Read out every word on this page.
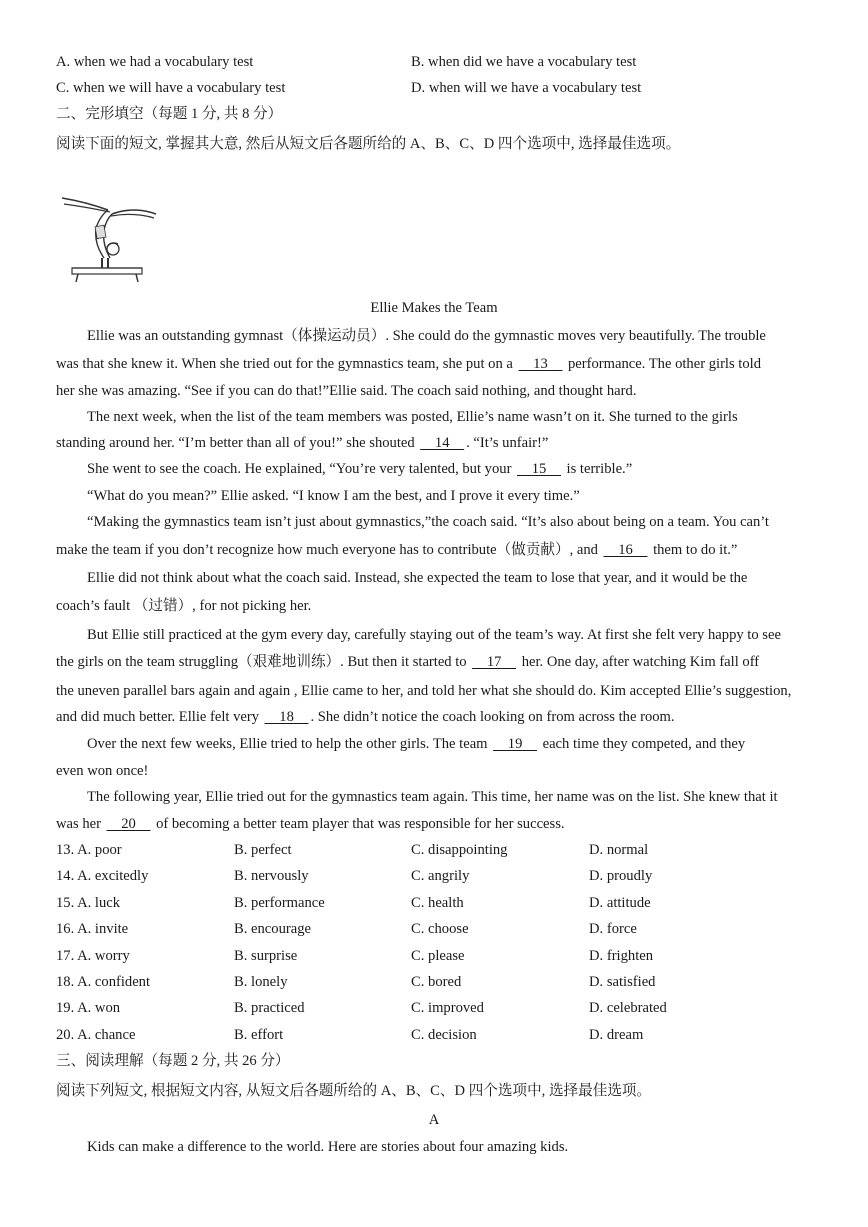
A. when we had a vocabulary test	B. when did we have a vocabulary test
C. when we will have a vocabulary test	D. when will we have a vocabulary test
二、完形填空（每题 1 分, 共 8 分）
阅读下面的短文, 掌握其大意, 然后从短文后各题所给的 A、B、C、D 四个选项中, 选择最佳选项。
Ellie Makes the Team
Ellie was an outstanding gymnast（体操运动员）. She could do the gymnastic moves very beautifully. The trouble
was that she knew it. When she tried out for the gymnastics team, she put on a 13 performance. The other girls told
her she was amazing. “See if you can do that!”Ellie said. The coach said nothing, and thought hard.
The next week, when the list of the team members was posted, Ellie’s name wasn’t on it. She turned to the girls
standing around her. “I’m better than all of you!” she shouted 14 . “It’s unfair!”
She went to see the coach. He explained, “You’re very talented, but your 15 is terrible.”
“What do you mean?” Ellie asked. “I know I am the best, and I prove it every time.”
“Making the gymnastics team isn’t just about gymnastics,”the coach said. “It’s also about being on a team. You can’t
make the team if you don’t recognize how much everyone has to contribute（做贡献）, and 16 them to do it.”
Ellie did not think about what the coach said. Instead, she expected the team to lose that year, and it would be the
coach’s fault （过错）, for not picking her.
But Ellie still practiced at the gym every day, carefully staying out of the team’s way. At first she felt very happy to see
the girls on the team struggling（艰难地训练）. But then it started to 17 her. One day, after watching Kim fall off
the uneven parallel bars again and again , Ellie came to her, and told her what she should do. Kim accepted Ellie’s suggestion,
and did much better. Ellie felt very 18 . She didn’t notice the coach looking on from across the room.
Over the next few weeks, Ellie tried to help the other girls. The team 19 each time they competed, and they
even won once!
The following year, Ellie tried out for the gymnastics team again. This time, her name was on the list. She knew that it
was her 20 of becoming a better team player that was responsible for her success.
13. A. poor	B. perfect	C. disappointing	D. normal
14. A. excitedly	B. nervously	C. angrily	D. proudly
15. A. luck	B. performance	C. health	D. attitude
16. A. invite	B. encourage	C. choose	D. force
17. A. worry	B. surprise	C. please	D. frighten
18. A. confident	B. lonely	C. bored	D. satisfied
19. A. won	B. practiced	C. improved	D. celebrated
20. A. chance	B. effort	C. decision	D. dream
三、阅读理解（每题 2 分, 共 26 分）
阅读下列短文, 根据短文内容, 从短文后各题所给的 A、B、C、D 四个选项中, 选择最佳选项。
A
Kids can make a difference to the world. Here are stories about four amazing kids.
